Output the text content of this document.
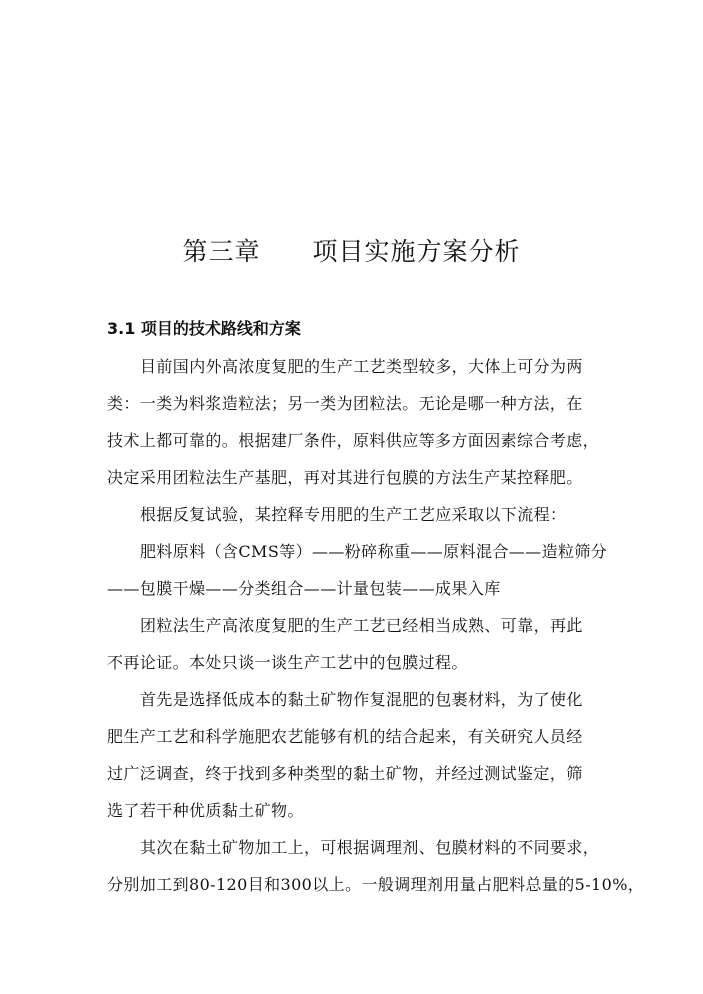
第三章 项目实施方案分析
3.1 项目的技术路线和方案
目前国内外高浓度复肥的生产工艺类型较多，大体上可分为两
类：一类为料浆造粒法；另一类为团粒法。无论是哪一种方法，在
技术上都可靠的。根据建厂条件，原料供应等多方面因素综合考虑，
决定采用团粒法生产基肥，再对其进行包膜的方法生产某控释肥。
根据反复试验，某控释专用肥的生产工艺应采取以下流程：
肥料原料（含CMS等）——粉碎称重——原料混合——造粒筛分
——包膜干燥——分类组合——计量包装——成果入库
团粒法生产高浓度复肥的生产工艺已经相当成熟、可靠，再此
不再论证。本处只谈一谈生产工艺中的包膜过程。
首先是选择低成本的黏土矿物作复混肥的包裹材料，为了使化
肥生产工艺和科学施肥农艺能够有机的结合起来，有关研究人员经
过广泛调查，终于找到多种类型的黏土矿物，并经过测试鉴定，筛
选了若干种优质黏土矿物。
其次在黏土矿物加工上，可根据调理剂、包膜材料的不同要求，
分别加工到80-120目和300以上。一般调理剂用量占肥料总量的5-10%，
